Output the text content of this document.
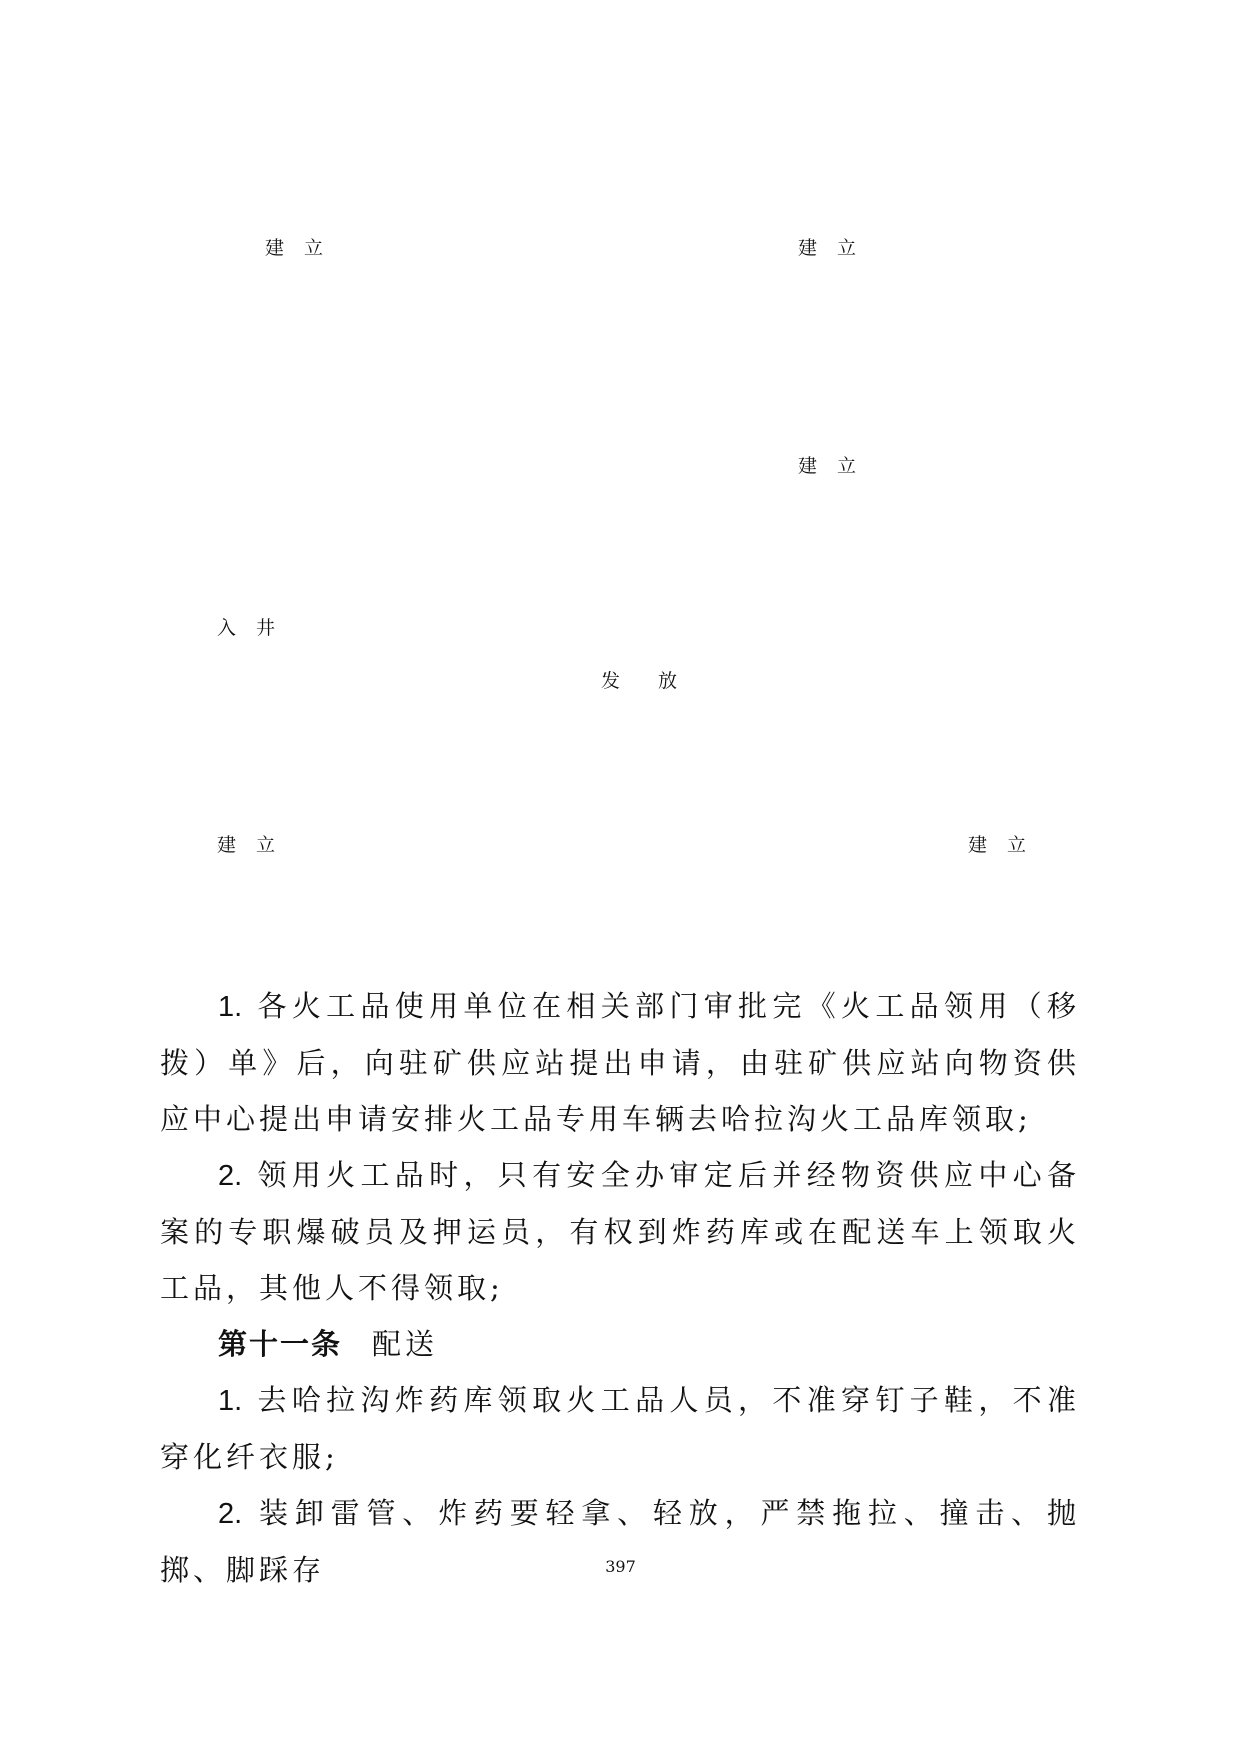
建立	建立
建立
入井
发放
建立	建立

1. 各火工品使用单位在相关部门审批完《火工品领用（移拨）单》后，向驻矿供应站提出申请，由驻矿供应站向物资供应中心提出申请安排火工品专用车辆去哈拉沟火工品库领取;

2. 领用火工品时，只有安全办审定后并经物资供应中心备案的专职爆破员及押运员，有权到炸药库或在配送车上领取火工品，其他人不得领取;

第十一条 配送

1. 去哈拉沟炸药库领取火工品人员，不准穿钉子鞋，不准穿化纤衣服;

2. 装卸雷管、炸药要轻拿、轻放，严禁拖拉、撞击、抛掷、脚踩存	397
